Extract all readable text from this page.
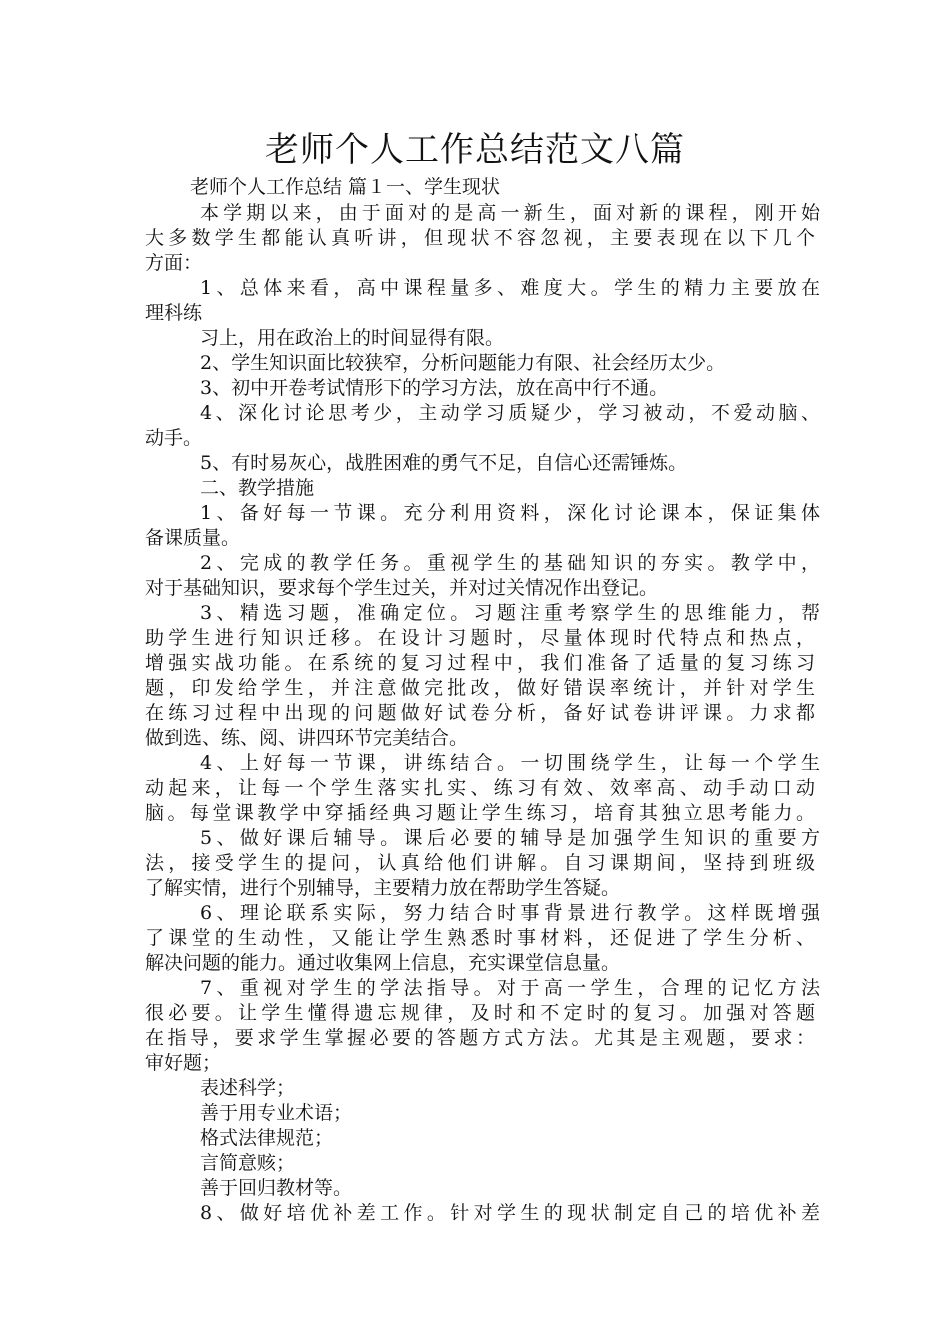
老师个人工作总结范文八篇
老师个人工作总结 篇１一、学生现状
本学期以来，由于面对的是高一新生，面对新的课程，刚开始
大多数学生都能认真听讲，但现状不容忽视，主要表现在以下几个
方面：
1、总体来看，高中课程量多、难度大。学生的精力主要放在
理科练
习上，用在政治上的时间显得有限。
2、学生知识面比较狭窄，分析问题能力有限、社会经历太少。
3、初中开卷考试情形下的学习方法，放在高中行不通。
4、深化讨论思考少，主动学习质疑少，学习被动，不爱动脑、
动手。
5、有时易灰心，战胜困难的勇气不足，自信心还需锤炼。
二、教学措施
1、备好每一节课。充分利用资料，深化讨论课本，保证集体
备课质量。
2、完成的教学任务。重视学生的基础知识的夯实。教学中，
对于基础知识，要求每个学生过关，并对过关情况作出登记。
3、精选习题，准确定位。习题注重考察学生的思维能力，帮
助学生进行知识迁移。在设计习题时，尽量体现时代特点和热点，
增强实战功能。在系统的复习过程中，我们准备了适量的复习练习
题，印发给学生，并注意做完批改，做好错误率统计，并针对学生
在练习过程中出现的问题做好试卷分析，备好试卷讲评课。力求都
做到选、练、阅、讲四环节完美结合。
4、上好每一节课，讲练结合。一切围绕学生，让每一个学生
动起来，让每一个学生落实扎实、练习有效、效率高、动手动口动
脑。每堂课教学中穿插经典习题让学生练习，培育其独立思考能力。
5、做好课后辅导。课后必要的辅导是加强学生知识的重要方
法，接受学生的提问，认真给他们讲解。自习课期间，坚持到班级
了解实情，进行个别辅导，主要精力放在帮助学生答疑。
6、理论联系实际，努力结合时事背景进行教学。这样既增强
了课堂的生动性，又能让学生熟悉时事材料，还促进了学生分析、
解决问题的能力。通过收集网上信息，充实课堂信息量。
7、重视对学生的学法指导。对于高一学生，合理的记忆方法
很必要。让学生懂得遗忘规律，及时和不定时的复习。加强对答题
在指导，要求学生掌握必要的答题方式方法。尤其是主观题，要求：
审好题；
表述科学；
善于用专业术语；
格式法律规范；
言简意赅；
善于回归教材等。
8、做好培优补差工作。针对学生的现状制定自己的培优补差
